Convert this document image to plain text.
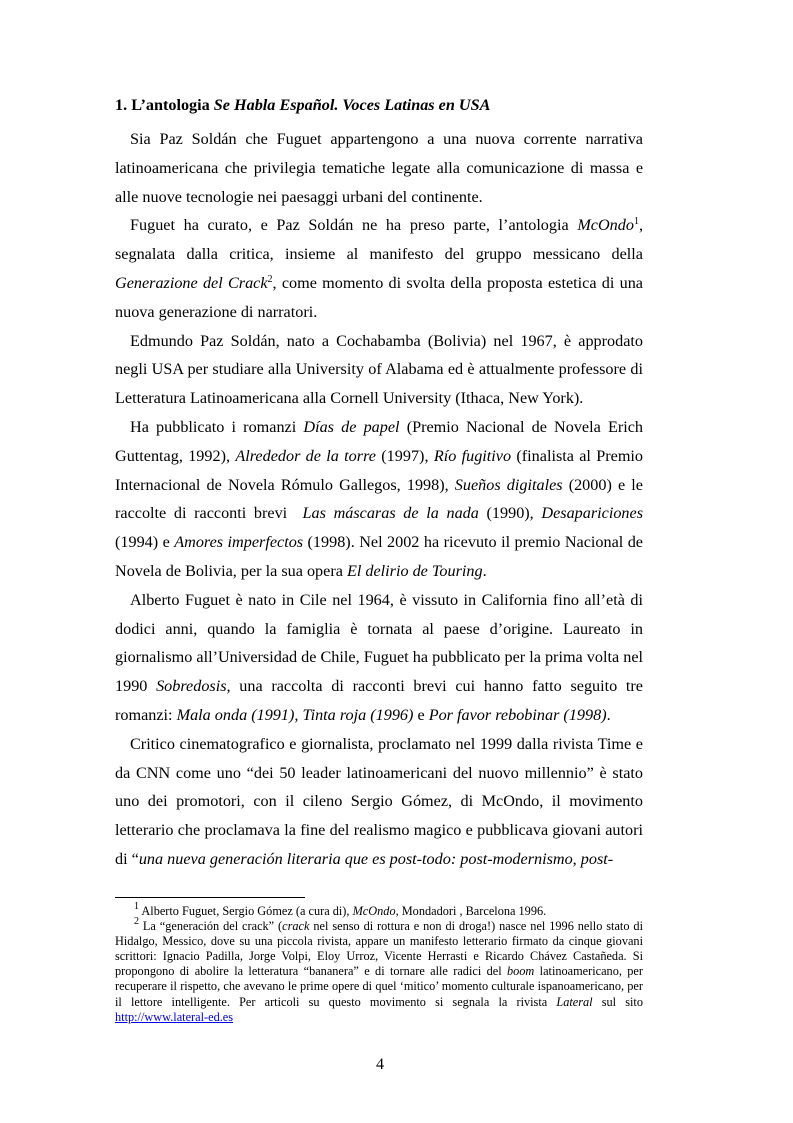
1. L’antologia Se Habla Español. Voces Latinas en USA

Sia Paz Soldán che Fuguet appartengono a una nuova corrente narrativa latinoamericana che privilegia tematiche legate alla comunicazione di massa e alle nuove tecnologie nei paesaggi urbani del continente.

Fuguet ha curato, e Paz Soldán ne ha preso parte, l’antologia McOndo$^1$, segnalata dalla critica, insieme al manifesto del gruppo messicano della Generazione del Crack$^2$, come momento di svolta della proposta estetica di una nuova generazione di narratori.

Edmundo Paz Soldán, nato a Cochabamba (Bolivia) nel 1967, è approdato negli USA per studiare alla University of Alabama ed è attualmente professore di Letteratura Latinoamericana alla Cornell University (Ithaca, New York).

Ha pubblicato i romanzi Días de papel (Premio Nacional de Novela Erich Guttentag, 1992), Alrededor de la torre (1997), Río fugitivo (finalista al Premio Internacional de Novela Rómulo Gallegos, 1998), Sueños digitales (2000) e le raccolte di racconti brevi  Las máscaras de la nada (1990), Desapariciones (1994) e Amores imperfectos (1998). Nel 2002 ha ricevuto il premio Nacional de Novela de Bolivia, per la sua opera El delirio de Touring.

Alberto Fuguet è nato in Cile nel 1964, è vissuto in California fino all’età di dodici anni, quando la famiglia è tornata al paese d’origine. Laureato in giornalismo all’Universidad de Chile, Fuguet ha pubblicato per la prima volta nel 1990 Sobredosis, una raccolta di racconti brevi cui hanno fatto seguito tre romanzi: Mala onda (1991), Tinta roja (1996) e Por favor rebobinar (1998).

Critico cinematografico e giornalista, proclamato nel 1999 dalla rivista Time e da CNN come uno “dei 50 leader latinoamericani del nuovo millennio” è stato uno dei promotori, con il cileno Sergio Gómez, di McOndo, il movimento letterario che proclamava la fine del realismo magico e pubblicava giovani autori di “una nueva generación literaria que es post-todo: post-modernismo, post-

$^1$ Alberto Fuguet, Sergio Gómez (a cura di), McOndo, Mondadori , Barcelona 1996.

$^2$ La “generación del crack” (crack nel senso di rottura e non di droga!) nasce nel 1996 nello stato di Hidalgo, Messico, dove su una piccola rivista, appare un manifesto letterario firmato da cinque giovani scrittori: Ignacio Padilla, Jorge Volpi, Eloy Urroz, Vicente Herrasti e Ricardo Chávez Castañeda. Si propongono di abolire la letteratura “bananera” e di tornare alle radici del boom latinoamericano, per recuperare il rispetto, che avevano le prime opere di quel ‘mitico’ momento culturale ispanoamericano, per il lettore intelligente. Per articoli su questo movimento si segnala la rivista Lateral sul sito  http://www.lateral-ed.es

4
